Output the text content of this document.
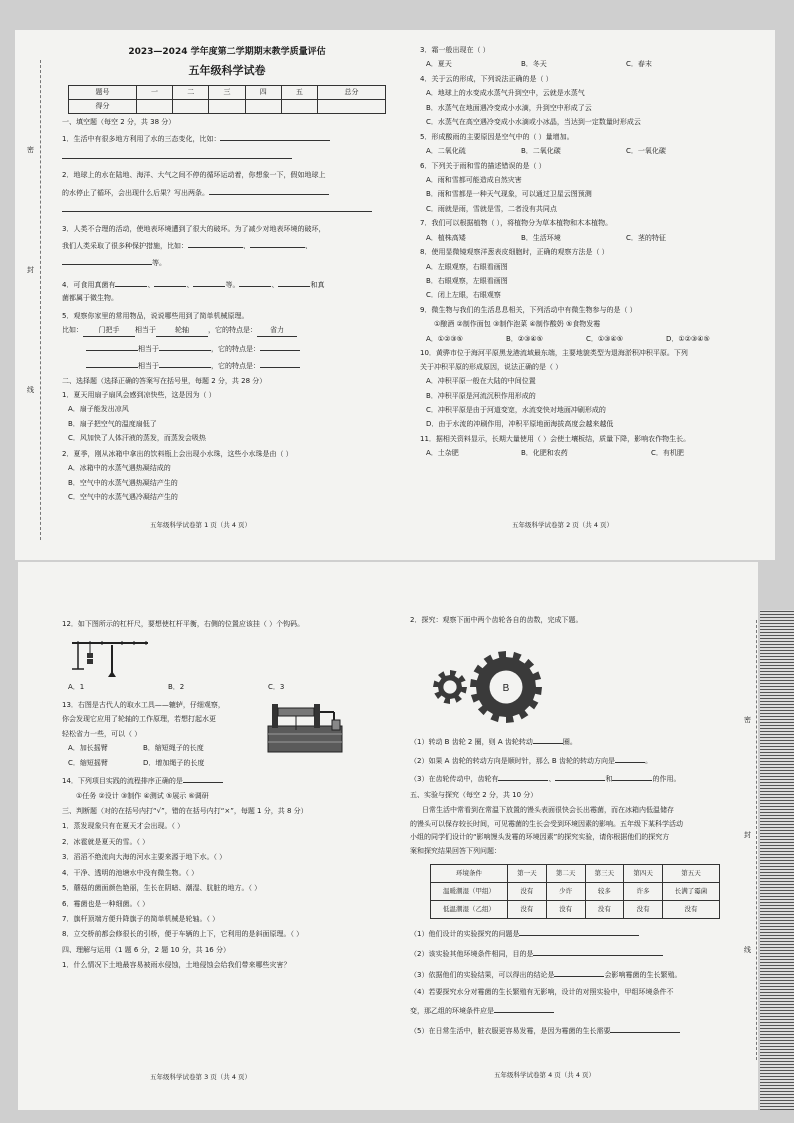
密
封
线

2023—2024 学年度第二学期期末教学质量评估

五年级科学试卷

题号	一	二	三	四	五	总分
得分						

一、填空题（每空 2 分，共 38 分）

1．生活中有很多地方利用了水的三态变化，比如：

2．地球上的水在陆地、海洋、大气之间不停的循环运动着，你想象一下，假如地球上

的水停止了循环，会出现什么后果？写出两条。

3．人类不合理的活动，使地表环境遭到了很大的破坏。为了减少对地表环境的破坏，

我们人类采取了很多种保护措施，比如：	、	、

等。

4．可食用真菌有	、	、	等。	、	和真

菌都属于微生物。

5．观察你家里的常用物品，说说哪些用到了简单机械原理。

比如： 门把手 相当于	轮轴	，它的特点是： 省力

相当于	，它的特点是：

相当于	，它的特点是：

二、选择题（选择正确的答案写在括号里，每题 2 分，共 28 分）

1．夏天用扇子扇风会感到凉快些，这是因为（ ）

A．扇子能发出凉风

B．扇子把空气的温度扇低了

C．风加快了人体汗液的蒸发，而蒸发会吸热

2．夏季，刚从冰箱中拿出的饮料瓶上会出现小水珠，这些小水珠是由（ ）

A．冰箱中的水蒸气遇热凝结成的

B．空气中的水蒸气遇热凝结产生的

C．空气中的水蒸气遇冷凝结产生的

五年级科学试卷第 1 页（共 4 页）

3．霜一般出现在（ ）

A．夏天	B．冬天	C．春末

4．关于云的形成，下列说法正确的是（ ）

A．地球上的水变成水蒸气升到空中，云就是水蒸气

B．水蒸气在地面遇冷变成小水滴，升到空中形成了云

C．水蒸气在高空遇冷变成小水滴或小冰晶，当达到一定数量时形成云

5．形成酸雨的主要原因是空气中的（ ）量增加。

A．二氧化硫	B．二氧化碳	C．一氧化碳

6．下列关于雨和雪的描述错误的是（ ）

A．雨和雪都可能造成自然灾害

B．雨和雪都是一种天气现象，可以通过卫星云图预测

C．雨就是雨，雪就是雪，二者没有共同点

7．我们可以根据植物（ ），将植物分为草本植物和木本植物。

A．植株高矮	B．生活环境	C．茎的特征

8．使用显微镜观察洋葱表皮细胞时，正确的观察方法是（ ）

A．左眼观察，右眼看画图

B．右眼观察，左眼看画图

C．闭上左眼，右眼观察

9．微生物与我们的生活息息相关，下列活动中有微生物参与的是（ ）

①酿酒 ②制作面包 ③制作泡菜 ④制作酸奶 ⑤食物发霉

A．①②③⑤	B．②③④⑤	C．①③④⑤	D．①②③④⑤

10．黄骅市位于海河平原黑龙港流域最东端，主要地貌类型为退海淤积冲积平原。下列

关于冲积平原的形成原因，说法正确的是（ ）

A．冲积平原一般在大陆的中间位置

B．冲积平原是河流沉积作用形成的

C．冲积平原是由于河道变宽，水流变快对地面冲刷形成的

D．由于水流的冲刷作用，冲积平原地面海拔高度会越来越低

11．据相关资料显示，长期大量使用（ ）会使土壤板结，质量下降，影响农作物生长。

A．土杂肥	B．化肥和农药	C．有机肥

五年级科学试卷第 2 页（共 4 页）

12．如下图所示的杠杆尺，要想使杠杆平衡，右侧的位置应该挂（ ）个钩码。

A．1	B．2	C．3

13．右图是古代人的取水工具——辘轳，仔细观察，

你会发现它应用了轮轴的工作原理，若想打起水更

轻松省力一些，可以（ ）

A．加长摇臂	B．缩短绳子的长度

C．缩短摇臂	D．增加绳子的长度

14．下列项目实践的流程排序正确的是

①任务 ②设计 ③制作 ④测试 ⑤展示 ⑥调研

三、判断题（对的在括号内打“√”，错的在括号内打“×”，每题 1 分，共 8 分）

1．蒸发现象只有在夏天才会出现。（ ）

2．冰雹就是夏天的雪。（ ）

3．滔滔不绝流向大海的河水主要来源于地下水。（ ）

4．干净、透明的池塘水中没有微生物。（ ）

5．蘑菇的菌面颜色艳丽，生长在阴暗、潮湿、肮脏的地方。（ ）

6．霉菌也是一种细菌。（ ）

7．旗杆顶端方便升降旗子的简单机械是轮轴。（ ）

8．立交桥前都会修很长的引桥，便于车辆的上下，它利用的是斜面原理。（ ）

四、理解与运用（1 题 6 分，2 题 10 分，共 16 分）

1．什么情况下土地最容易被雨水侵蚀，土地侵蚀会给我们带来哪些灾害？

五年级科学试卷第 3 页（共 4 页）

2．探究：观察下面中两个齿轮各自的齿数，完成下题。

B

（1）转动 B 齿轮 2 圈，则 A 齿轮转动	圈。

（2）如果 A 齿轮的转动方向是顺时针，那么 B 齿轮的转动方向是	。

（3）在齿轮传动中，齿轮有	、	和	的作用。

五、实验与探究（每空 2 分，共 10 分）

日常生活中常看到在常温下放置的馒头表面很快会长出霉菌，而在冰箱内低温储存

的馒头可以保存较长时间，可见霉菌的生长会受到环境因素的影响。五年级下某科学活动

小组的同学们设计的“影响馒头发霉的环境因素”的探究实验，请你根据他们的探究方

案和探究结果回答下列问题：

环境条件	第一天	第二天	第三天	第四天	第五天
温暖潮湿（甲组）	没有	少许	较多	许多	长满了霉菌
低温潮湿（乙组）	没有	没有	没有	没有	没有

（1）他们设计的实验探究的问题是

（2）该实验其他环境条件相同，目的是

（3）依据他们的实验结果，可以得出的结论是	会影响霉菌的生长繁殖。

（4）若要探究水分对霉菌的生长繁殖有无影响，设计的对照实验中，甲组环境条件不

变，那乙组的环境条件应是

（5）在日常生活中，脏衣服更容易发霉，是因为霉菌的生长需要

密
封
线
五年级科学试卷第 4 页（共 4 页）
